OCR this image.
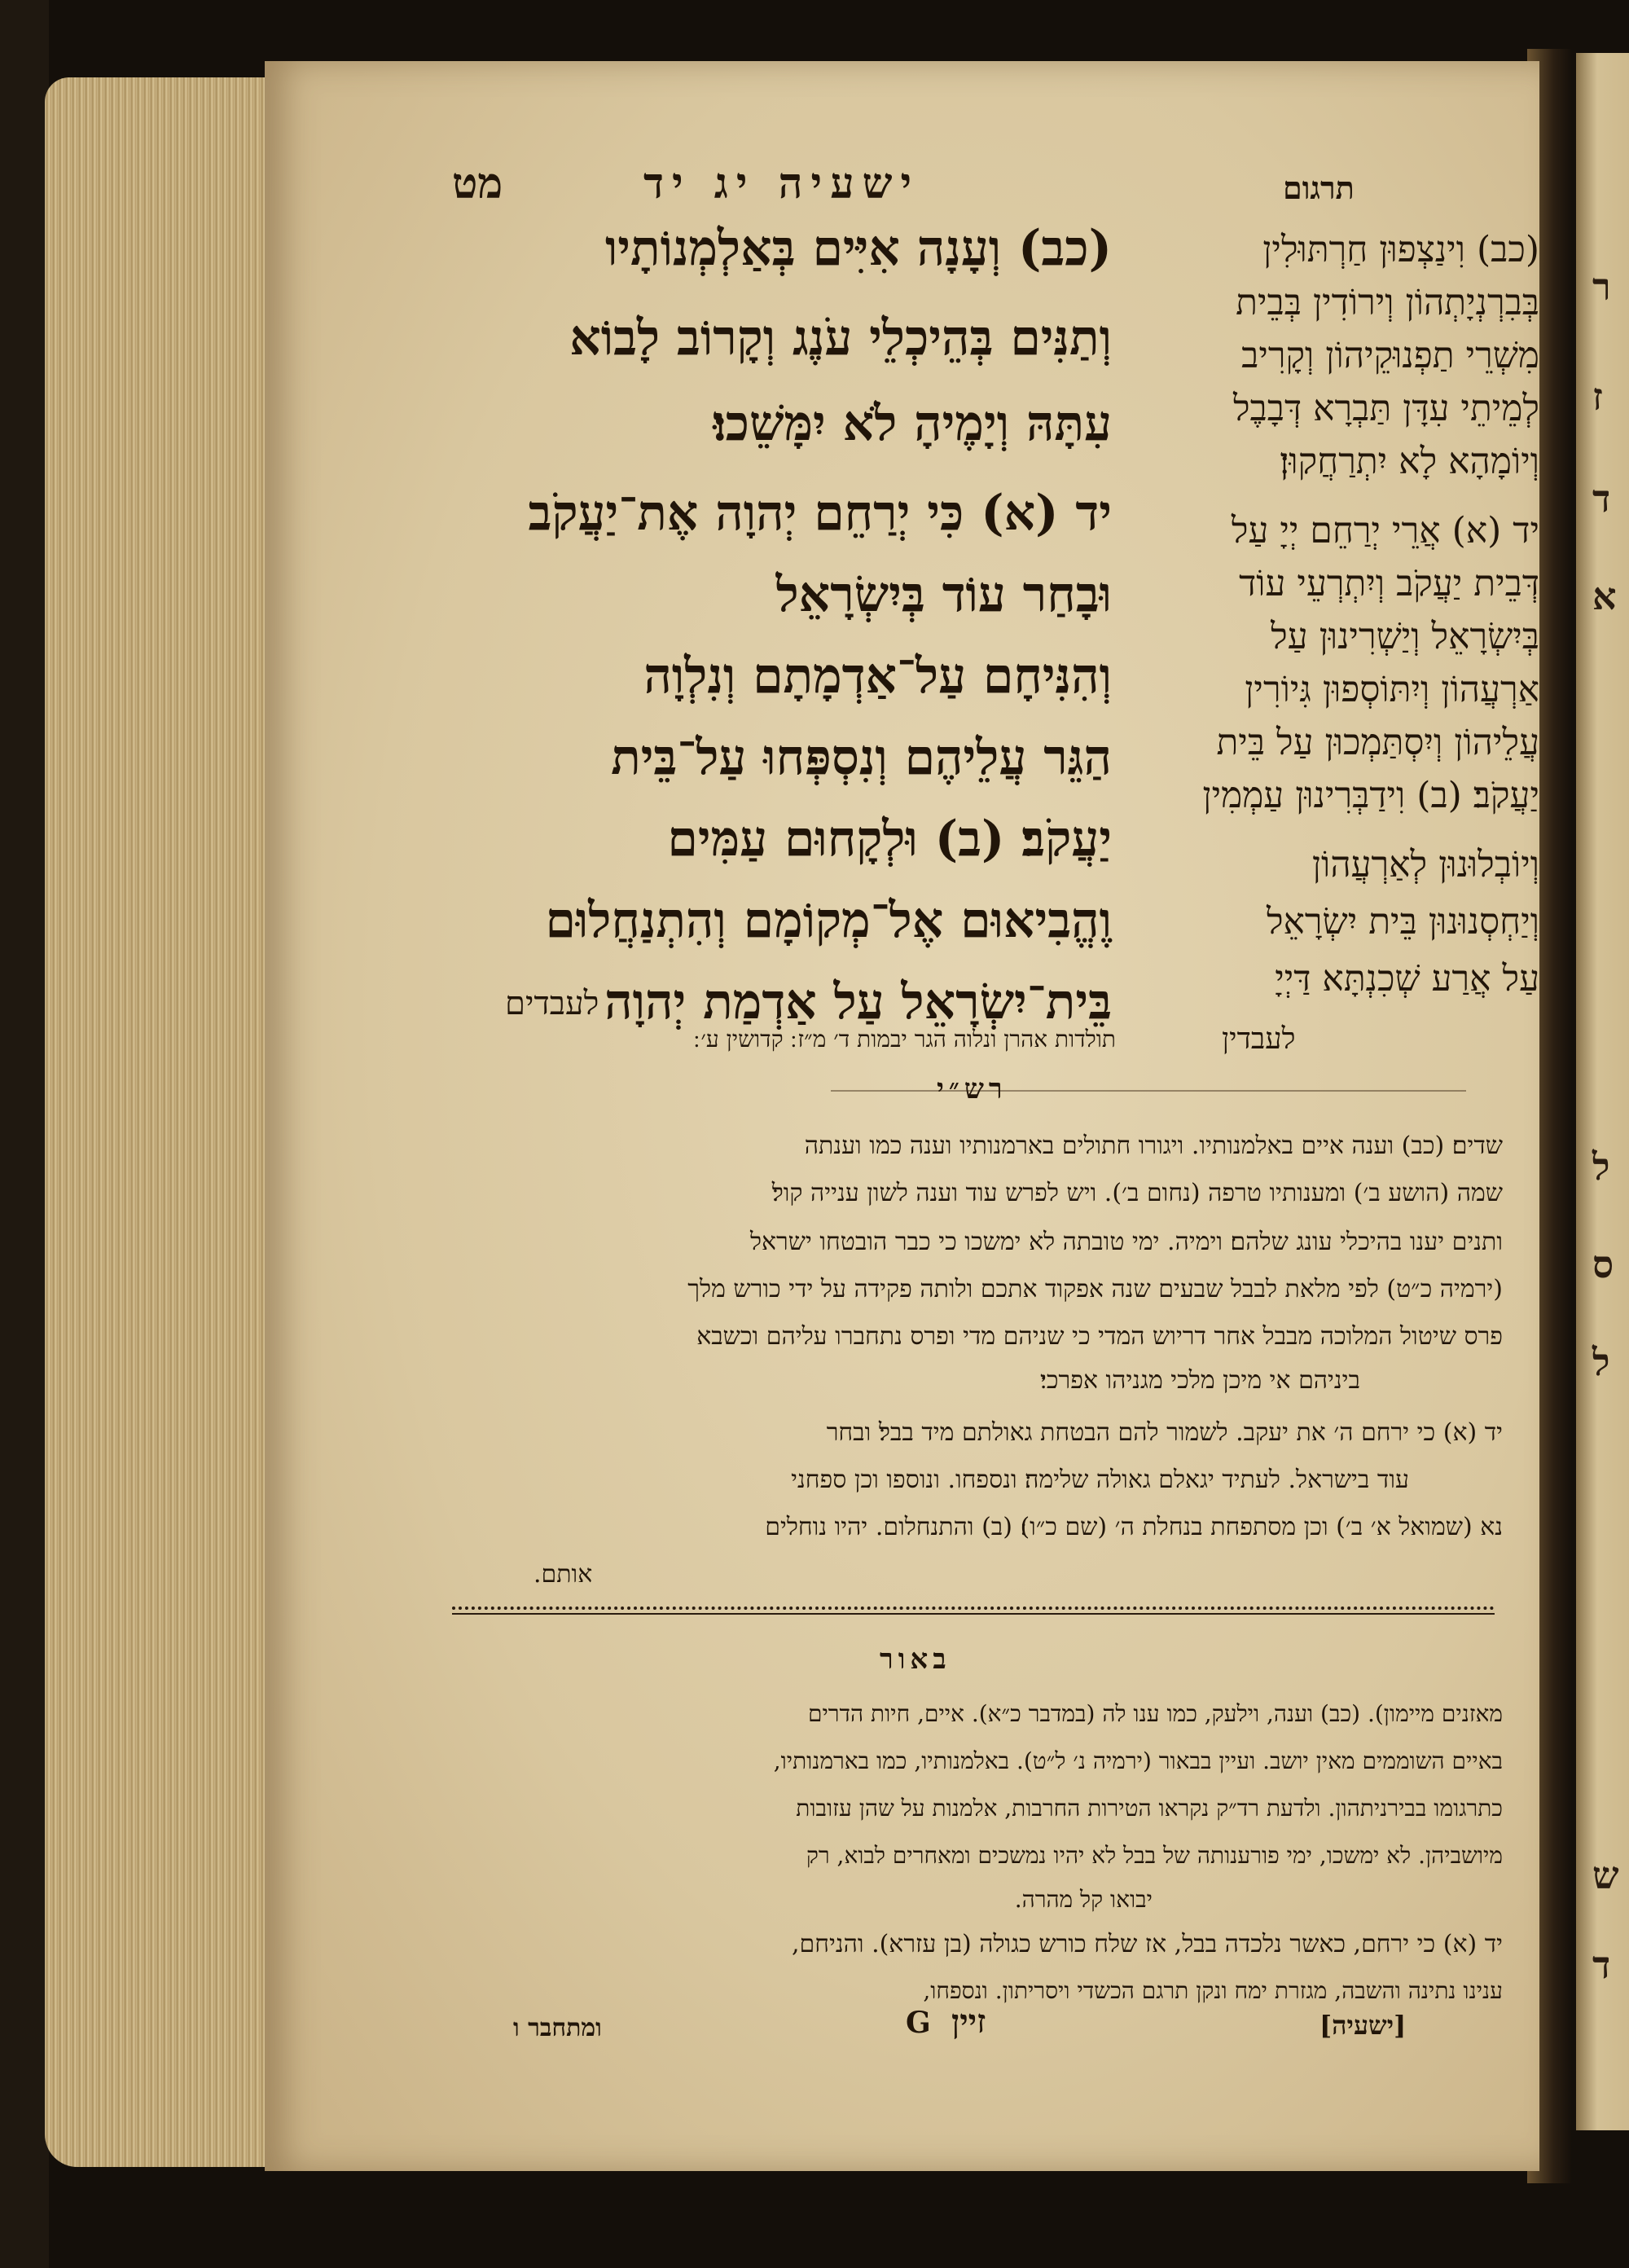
ר
ז
ד
א
ל
ס
ל
ש
ד
מט	ישעיה יג יד	תרגום
(כב) וְעָנָה אִיִּים בְּאַלְמְנוֹתָיו
וְתַנִּים בְּהֵיכְלֵי עֹנֶג וְקָרוֹב לָבוֹא
עִתָּהּ וְיָמֶיהָ לֹא יִמָּשֵׁכוּ׃
יד (א) כִּי יְרַחֵם יְהוָה אֶת־יַעֲקֹב
וּבָחַר עוֹד בְּיִשְׂרָאֵל
וְהִנִּיחָם עַל־אַדְמָתָם וְנִלְוָה
הַגֵּר עֲלֵיהֶם וְנִסְפְּחוּ עַל־בֵּית
יַעֲקֹב׃ (ב) וּלְקָחוּם עַמִּים
וֶהֱבִיאוּם אֶל־מְקוֹמָם וְהִתְנַחֲלוּם
בֵּית־יִשְׂרָאֵל עַל אַדְמַת יְהוָה
לעבדים
(כב) וִינַצְפוּן חַרְתּוּלִין
בְּבִרְנְיָתְהוֹן וְירוֹדִין בְּבֵית
מִשְׁרֵי תַפְנוּקֵיהוֹן וְקָרִיב
לְמֵיתֵי עִדָּן תַּבְרָא דְּבָבֶל
וְיוֹמָהָא לָא יִתְרַחֲקוּן׃
יד (א) אֲרֵי יְרַחֵם יְיָ עַל
דְּבֵית יַעֲקֹב וְיִתְרְעֵי עוֹד
בְּיִשְׂרָאֵל וְיַשְׁרִינוּן עַל
אַרְעֲהוֹן וְיִתּוֹסְפוּן גִּיוֹרִין
עֲלֵיהוֹן וְיִסְתַּמְכוּן עַל בֵּית
יַעֲקֹב׃ (ב) וִידַבְּרִינוּן עַמְמִין
וְיוֹבְלוּנוּן לְאַרְעֲהוֹן
וְיַחְסְנוּנוּן בֵּית יִשְׂרָאֵל
עַל אֲרַע שְׁכִנְתָּא דַּיְיָ
לעבדין
תולדות אהרן ונלוה הגר יבמות ד׳ מ״ז ׃ קדושין ע׳ ׃
רש״י
שדים׃ (כב) וענה איים באלמנותיו. ויגורו חתולים בארמנותיו וענה כמו וענתה
שמה (הושע ב׳) ומענותיו טרפה (נחום ב׳). ויש לפרש עוד וענה לשון ענייה קול׃
ותנים יענו בהיכלי עונג שלהם׃ וימיה. ימי טובתה לא ימשכו כי כבר הובטחו ישראל
(ירמיה כ״ט) לפי מלאת לבבל שבעים שנה אפקוד אתכם ולותה פקידה על ידי כורש מלך
פרס שיטול המלוכה מבבל אחר דריוש המדי כי שניהם מדי ופרס נתחברו עליהם וכשבא
ביניהם אי מיכן מלכי מגניהו אפרכי׃
יד (א) כי ירחם ה׳ את יעקב. לשמור להם הבטחת גאולתם מיד בבל׃ ובחר
עוד בישראל. לעתיד יגאלם גאולה שלימה׃ ונספחו. ונוספו וכן ספחני
נא (שמואל א׳ ב׳) וכן מסתפחת בנחלת ה׳ (שם כ״ו)׃ (ב) והתנחלום. יהיו נוחלים
אותם.
באור
מאזנים מיימון). (כב) וענה, וילעק, כמו ענו לה (במדבר כ״א). איים, חיות הדרים
באיים השוממים מאין יושב. ועיין בבאור (ירמיה נ׳ ל״ט). באלמנותיו, כמו בארמנותיו,
כתרגומו בבירניתהון. ולדעת רד״ק נקראו הטירות החרבות, אלמנות על שהן עזובות
מיושביהן. לא ימשכו, ימי פורענותה של בבל לא יהיו נמשכים ומאחרים לבוא, רק
יבואו קל מהרה.
יד (א) כי ירחם, כאשר נלכדה בבל, אז שלח כורש כגולה (בן עזרא). והניחם,
ענינו נתינה והשבה, מגזרת ימח ונקן תרגם הכשדי ויסריתון. ונספחו,
[ישעיה]
G זיין
ומתחבר ו
